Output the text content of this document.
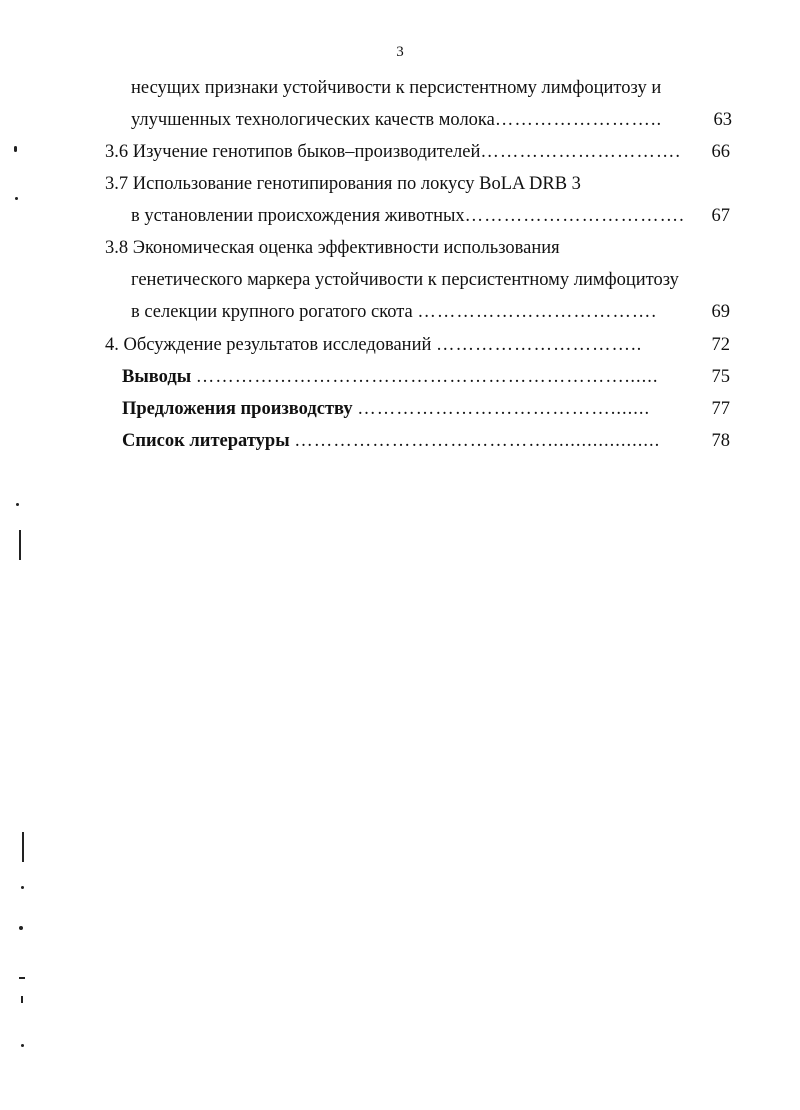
3
несущих признаки устойчивости к персистентному лимфоцитозу и
улучшенных технологических качеств молока……………………..	63
3.6 Изучение генотипов быков–производителей………………………….	66
3.7 Использование генотипирования по локусу BoLA DRB 3
в установлении происхождения животных…………………………….	67
3.8 Экономическая оценка эффективности использования
генетического маркера устойчивости к персистентному лимфоцитозу
в селекции крупного рогатого скота ……………………………….	69
4. Обсуждение результатов исследований …………………………..	72
Выводы …………………………………………………………......	75
Предложения производству ………………………………….......	77
Список литературы …………………………………....................	78
